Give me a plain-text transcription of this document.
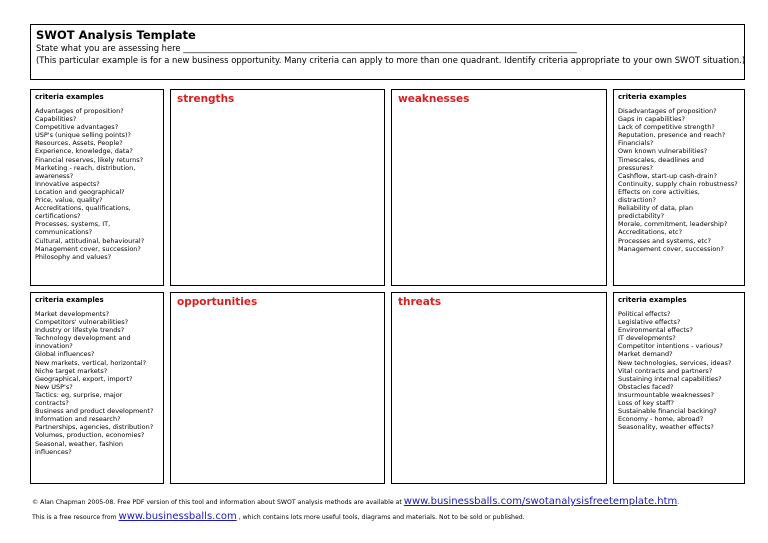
SWOT Analysis Template
State what you are assessing here ______________________________________________________________________________________________
(This particular example is for a new business opportunity. Many criteria can apply to more than one quadrant. Identify criteria appropriate to your own SWOT situation.)
criteria examples
Advantages of proposition?
Capabilities?
Competitive advantages?
USP's (unique selling points)?
Resources, Assets, People?
Experience, knowledge, data?
Financial reserves, likely returns?
Marketing - reach, distribution,
awareness?
Innovative aspects?
Location and geographical?
Price, value, quality?
Accreditations, qualifications,
certifications?
Processes, systems, IT,
communications?
Cultural, attitudinal, behavioural?
Management cover, succession?
Philosophy and values?
strengths	weaknesses	criteria examples
Disadvantages of proposition?
Gaps in capabilities?
Lack of competitive strength?
Reputation, presence and reach?
Financials?
Own known vulnerabilities?
Timescales, deadlines and
pressures?
Cashflow, start-up cash-drain?
Continuity, supply chain robustness?
Effects on core activities,
distraction?
Reliability of data, plan
predictability?
Morale, commitment, leadership?
Accreditations, etc?
Processes and systems, etc?
Management cover, succession?
criteria examples
Market developments?
Competitors' vulnerabilities?
Industry or lifestyle trends?
Technology development and
innovation?
Global influences?
New markets, vertical, horizontal?
Niche target markets?
Geographical, export, import?
New USP's?
Tactics: eg, surprise, major
contracts?
Business and product development?
Information and research?
Partnerships, agencies, distribution?
Volumes, production, economies?
Seasonal, weather, fashion
influences?
opportunities	threats	criteria examples
Political effects?
Legislative effects?
Environmental effects?
IT developments?
Competitor intentions - various?
Market demand?
New technologies, services, ideas?
Vital contracts and partners?
Sustaining internal capabilities?
Obstacles faced?
Insurmountable weaknesses?
Loss of key staff?
Sustainable financial backing?
Economy - home, abroad?
Seasonality, weather effects?
© Alan Chapman 2005-08. Free PDF version of this tool and information about SWOT analysis methods are available at www.businessballs.com/swotanalysisfreetemplate.htm.
This is a free resource from www.businessballs.com , which contains lots more useful tools, diagrams and materials. Not to be sold or published.
